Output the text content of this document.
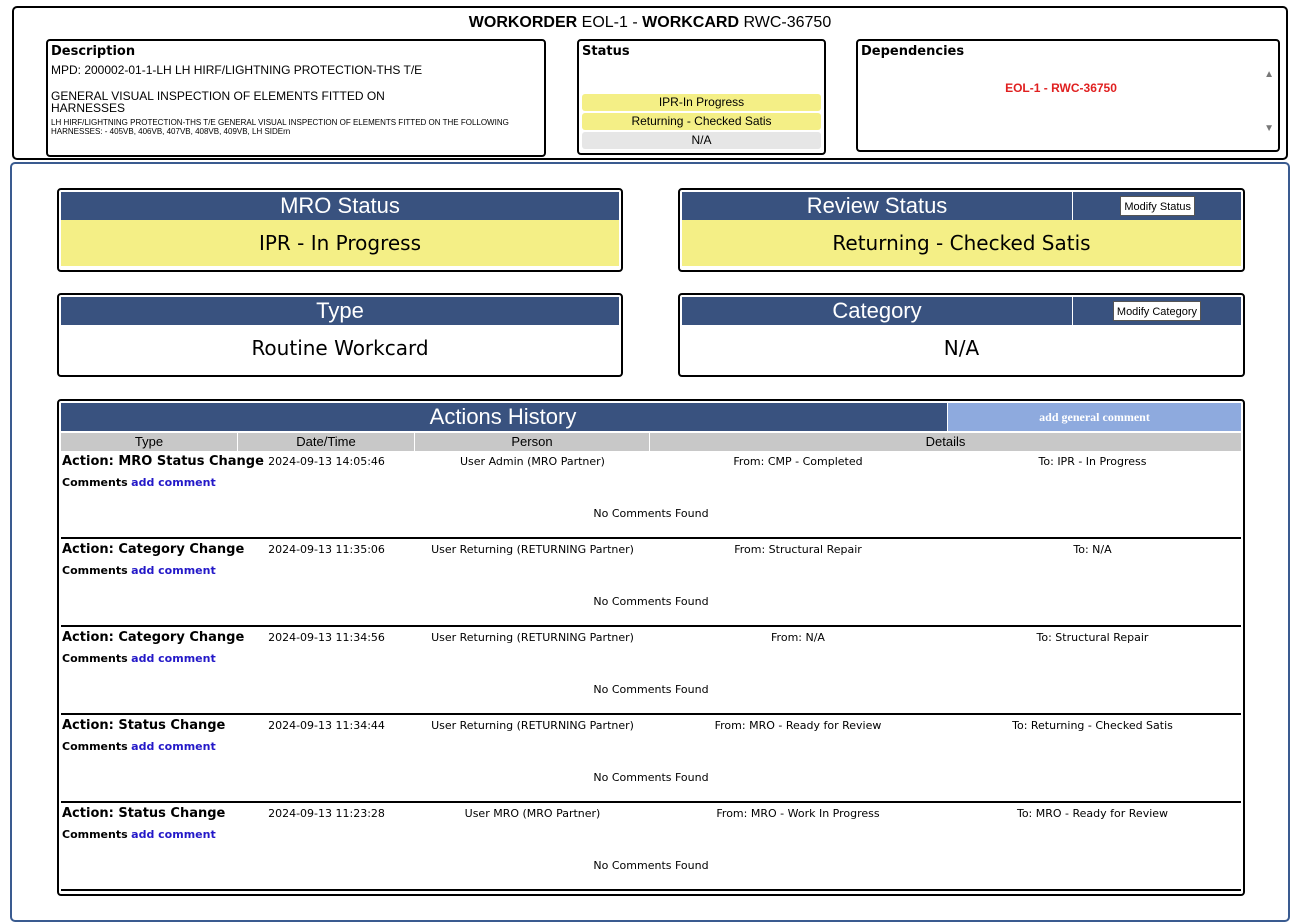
WORKORDER EOL-1 - WORKCARD RWC-36750
Description
MPD: 200002-01-1-LH LH HIRF/LIGHTNING PROTECTION-THS T/E
GENERAL VISUAL INSPECTION OF ELEMENTS FITTED ON HARNESSES
LH HIRF/LIGHTNING PROTECTION-THS T/E GENERAL VISUAL INSPECTION OF ELEMENTS FITTED ON THE FOLLOWING HARNESSES: - 405VB, 406VB, 407VB, 408VB, 409VB, LH SIDErn
Status
IPR-In Progress
Returning - Checked Satis
N/A
Dependencies
EOL-1 - RWC-36750
▲
▼
MRO Status
IPR - In Progress
Review Status	Modify Status
Returning - Checked Satis
Type
Routine Workcard
Category	Modify Category
N/A
Actions History	add general comment
Type	Date/Time	Person	Details
Action: MRO Status Change 2024-09-13 14:05:46	User Admin (MRO Partner)	From: CMP - Completed	To: IPR - In Progress
Comments add comment
No Comments Found
Action: Category Change	2024-09-13 11:35:06	User Returning (RETURNING Partner)	From: Structural Repair	To: N/A
Comments add comment
No Comments Found
Action: Category Change	2024-09-13 11:34:56	User Returning (RETURNING Partner)	From: N/A	To: Structural Repair
Comments add comment
No Comments Found
Action: Status Change	2024-09-13 11:34:44	User Returning (RETURNING Partner)	From: MRO - Ready for Review	To: Returning - Checked Satis
Comments add comment
No Comments Found
Action: Status Change	2024-09-13 11:23:28	User MRO (MRO Partner)	From: MRO - Work In Progress	To: MRO - Ready for Review
Comments add comment
No Comments Found
